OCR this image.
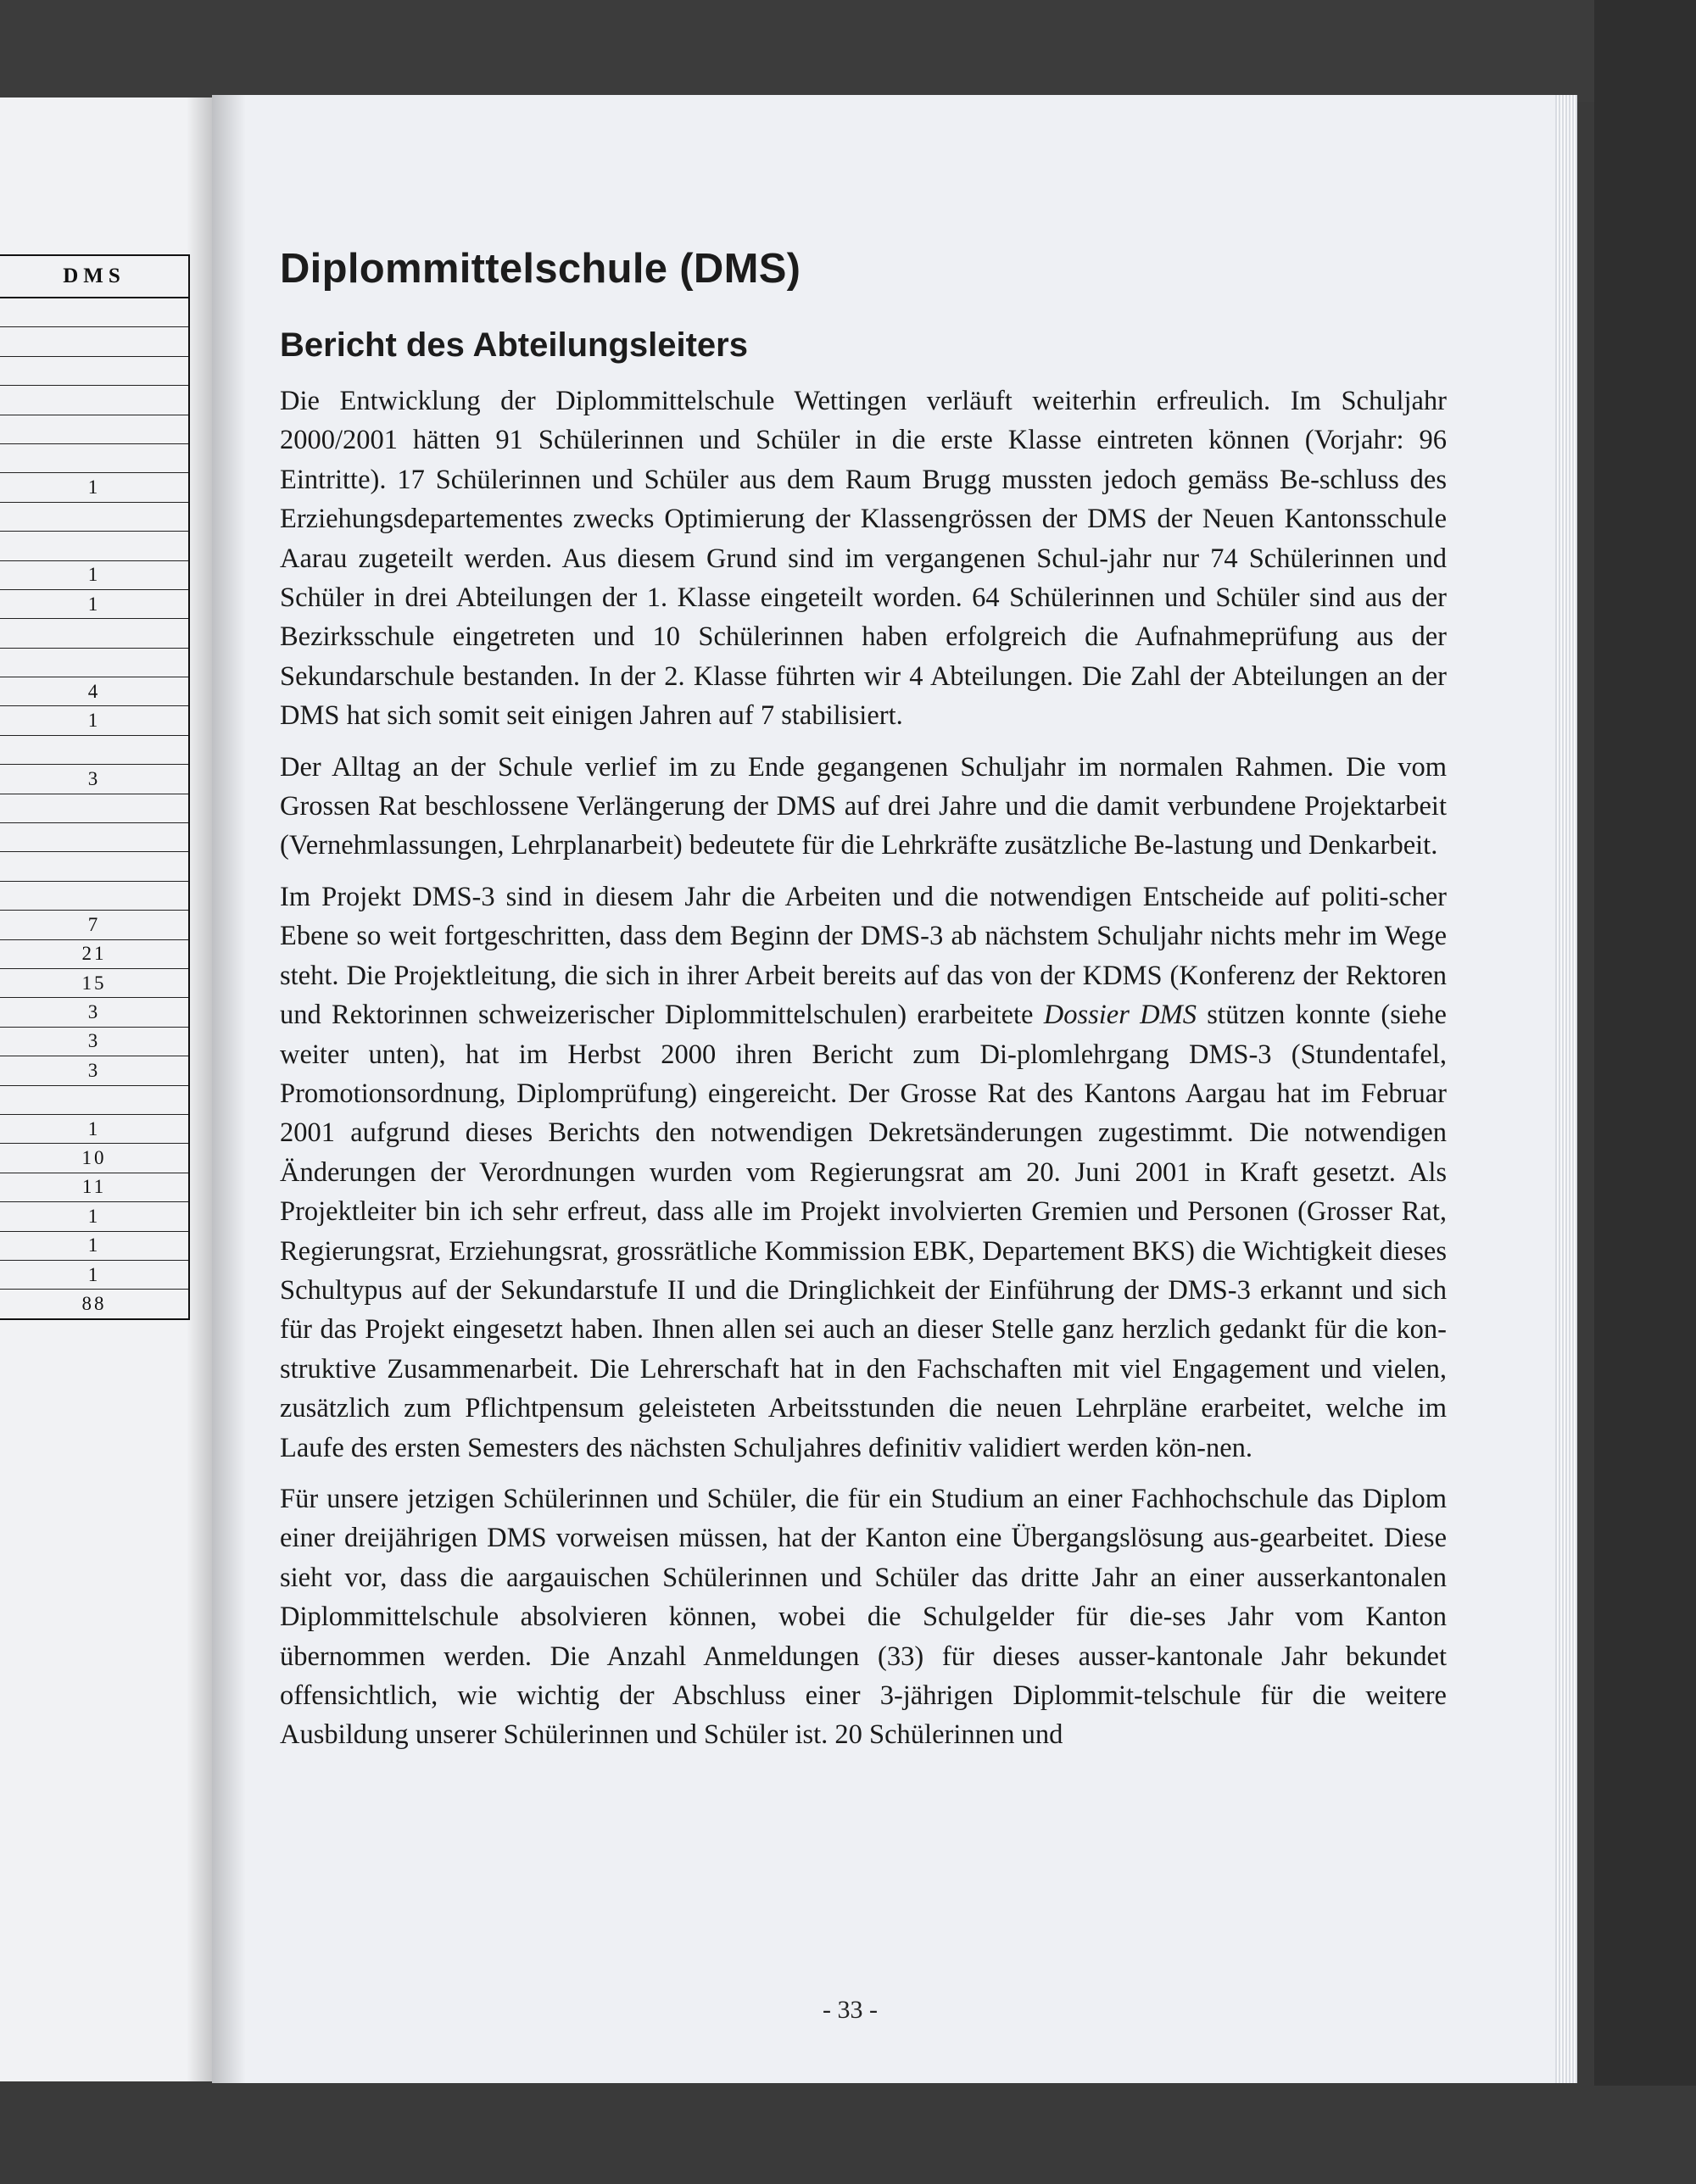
DMS
1
1
1
4
1
3
7
21
15
3
3
3
1
10
11
1
1
1
88
Diplommittelschule (DMS)
Bericht des Abteilungsleiters

Die Entwicklung der Diplommittelschule Wettingen verläuft weiterhin erfreulich. Im Schuljahr 2000/2001 hätten 91 Schülerinnen und Schüler in die erste Klasse eintreten können (Vorjahr: 96 Eintritte). 17 Schülerinnen und Schüler aus dem Raum Brugg mussten jedoch gemäss Be-schluss des Erziehungsdepartementes zwecks Optimierung der Klassengrössen der DMS der Neuen Kantonsschule Aarau zugeteilt werden. Aus diesem Grund sind im vergangenen Schul-jahr nur 74 Schülerinnen und Schüler in drei Abteilungen der 1. Klasse eingeteilt worden. 64 Schülerinnen und Schüler sind aus der Bezirksschule eingetreten und 10 Schülerinnen haben erfolgreich die Aufnahmeprüfung aus der Sekundarschule bestanden. In der 2. Klasse führten wir 4 Abteilungen. Die Zahl der Abteilungen an der DMS hat sich somit seit einigen Jahren auf 7 stabilisiert.

Der Alltag an der Schule verlief im zu Ende gegangenen Schuljahr im normalen Rahmen. Die vom Grossen Rat beschlossene Verlängerung der DMS auf drei Jahre und die damit verbundene Projektarbeit (Vernehmlassungen, Lehrplanarbeit) bedeutete für die Lehrkräfte zusätzliche Be-lastung und Denkarbeit.

Im Projekt DMS-3 sind in diesem Jahr die Arbeiten und die notwendigen Entscheide auf politi-scher Ebene so weit fortgeschritten, dass dem Beginn der DMS-3 ab nächstem Schuljahr nichts mehr im Wege steht. Die Projektleitung, die sich in ihrer Arbeit bereits auf das von der KDMS (Konferenz der Rektoren und Rektorinnen schweizerischer Diplommittelschulen) erarbeitete Dossier DMS stützen konnte (siehe weiter unten), hat im Herbst 2000 ihren Bericht zum Di-plomlehrgang DMS-3 (Stundentafel, Promotionsordnung, Diplomprüfung) eingereicht. Der Grosse Rat des Kantons Aargau hat im Februar 2001 aufgrund dieses Berichts den notwendigen Dekretsänderungen zugestimmt. Die notwendigen Änderungen der Verordnungen wurden vom Regierungsrat am 20. Juni 2001 in Kraft gesetzt. Als Projektleiter bin ich sehr erfreut, dass alle im Projekt involvierten Gremien und Personen (Grosser Rat, Regierungsrat, Erziehungsrat, grossrätliche Kommission EBK, Departement BKS) die Wichtigkeit dieses Schultypus auf der Sekundarstufe II und die Dringlichkeit der Einführung der DMS-3 erkannt und sich für das Projekt eingesetzt haben. Ihnen allen sei auch an dieser Stelle ganz herzlich gedankt für die kon-struktive Zusammenarbeit. Die Lehrerschaft hat in den Fachschaften mit viel Engagement und vielen, zusätzlich zum Pflichtpensum geleisteten Arbeitsstunden die neuen Lehrpläne erarbeitet, welche im Laufe des ersten Semesters des nächsten Schuljahres definitiv validiert werden kön-nen.

Für unsere jetzigen Schülerinnen und Schüler, die für ein Studium an einer Fachhochschule das Diplom einer dreijährigen DMS vorweisen müssen, hat der Kanton eine Übergangslösung aus-gearbeitet. Diese sieht vor, dass die aargauischen Schülerinnen und Schüler das dritte Jahr an einer ausserkantonalen Diplommittelschule absolvieren können, wobei die Schulgelder für die-ses Jahr vom Kanton übernommen werden. Die Anzahl Anmeldungen (33) für dieses ausser-kantonale Jahr bekundet offensichtlich, wie wichtig der Abschluss einer 3-jährigen Diplommit-telschule für die weitere Ausbildung unserer Schülerinnen und Schüler ist. 20 Schülerinnen und

- 33 -
